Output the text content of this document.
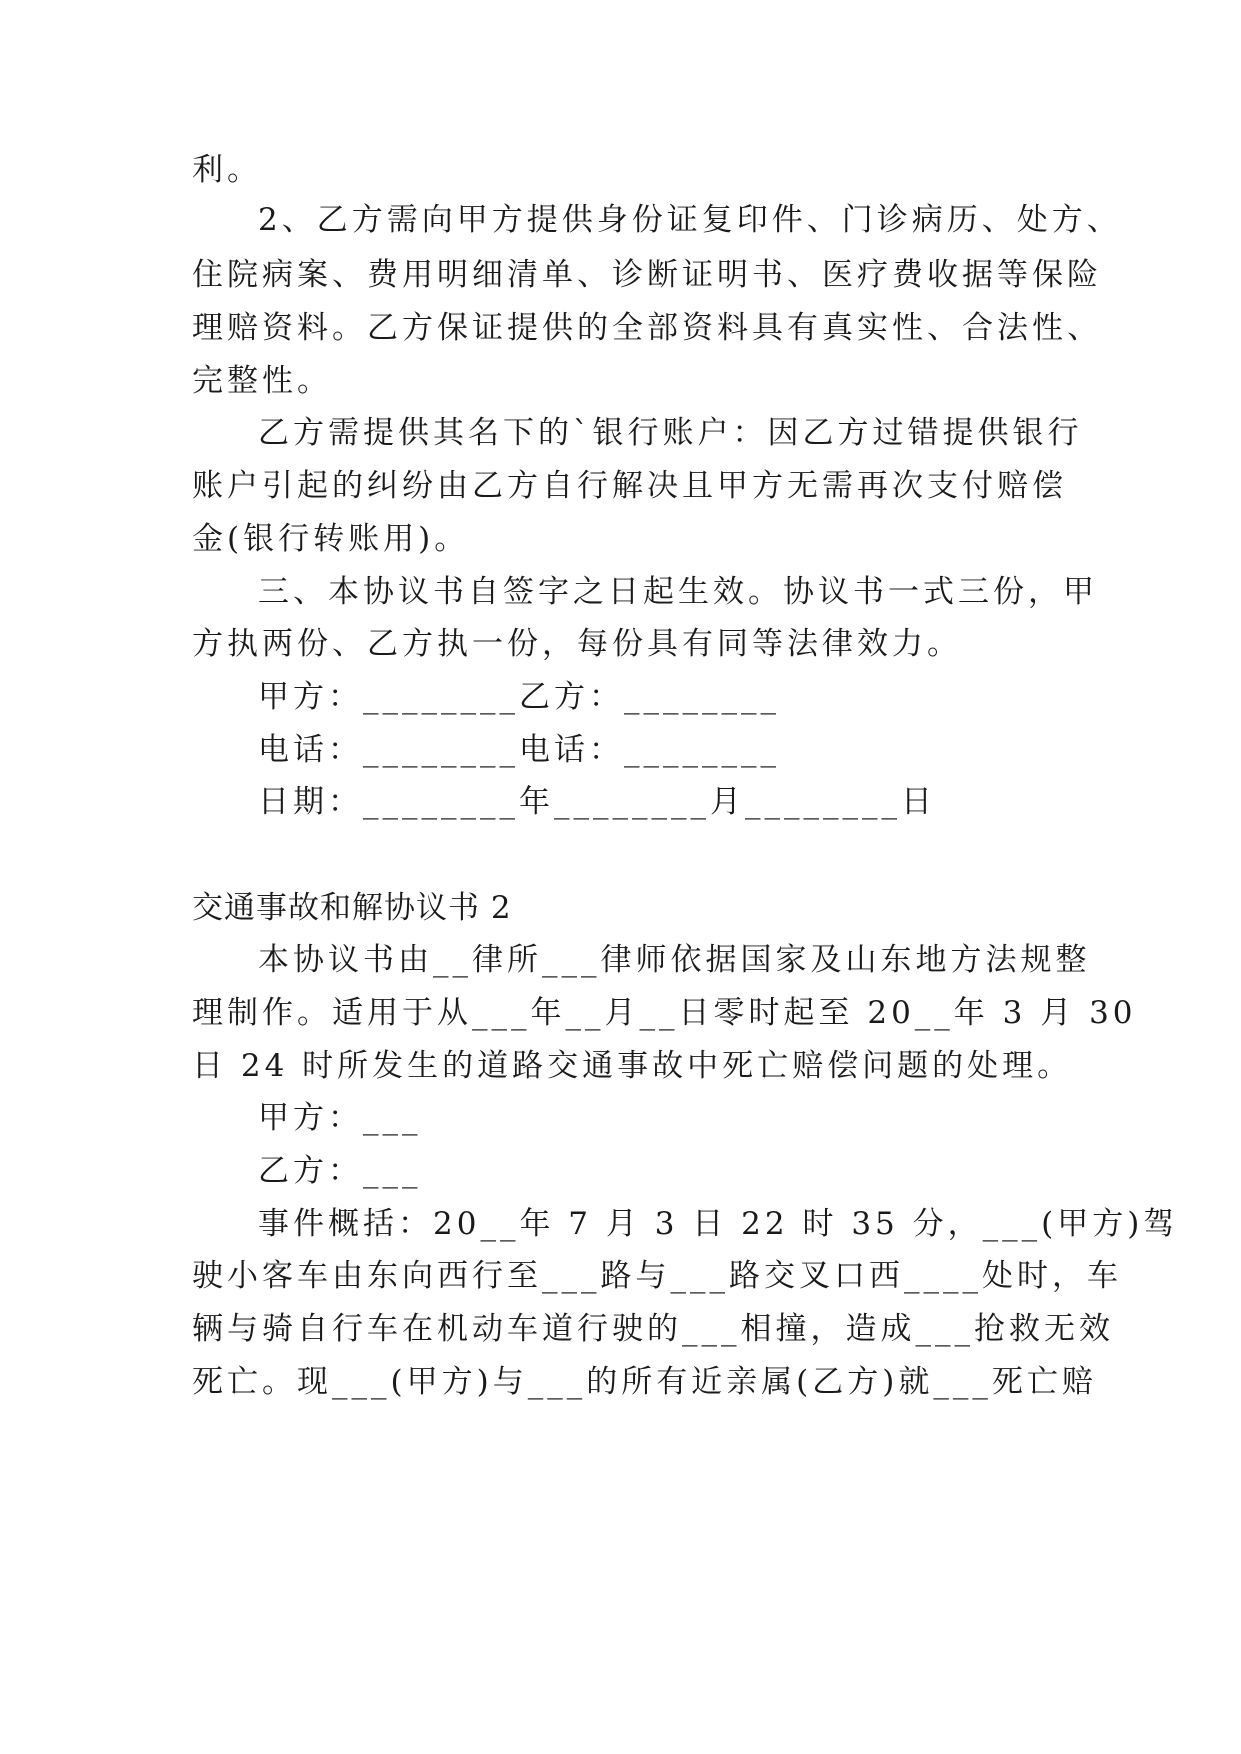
利。
2、乙方需向甲方提供身份证复印件、门诊病历、处方、
住院病案、费用明细清单、诊断证明书、医疗费收据等保险
理赔资料。乙方保证提供的全部资料具有真实性、合法性、
完整性。
乙方需提供其名下的`银行账户：因乙方过错提供银行
账户引起的纠纷由乙方自行解决且甲方无需再次支付赔偿
金(银行转账用)。
三、本协议书自签字之日起生效。协议书一式三份，甲
方执两份、乙方执一份，每份具有同等法律效力。
甲方：________乙方：________
电话：________电话：________
日期：________年________月________日
交通事故和解协议书 2
本协议书由__律所___律师依据国家及山东地方法规整
理制作。适用于从___年__月__日零时起至 20__年 3 月 30
日 24 时所发生的道路交通事故中死亡赔偿问题的处理。
甲方：___
乙方：___
事件概括：20__年 7 月 3 日 22 时 35 分，___(甲方)驾
驶小客车由东向西行至___路与___路交叉口西____处时，车
辆与骑自行车在机动车道行驶的___相撞，造成___抢救无效
死亡。现___(甲方)与___的所有近亲属(乙方)就___死亡赔
